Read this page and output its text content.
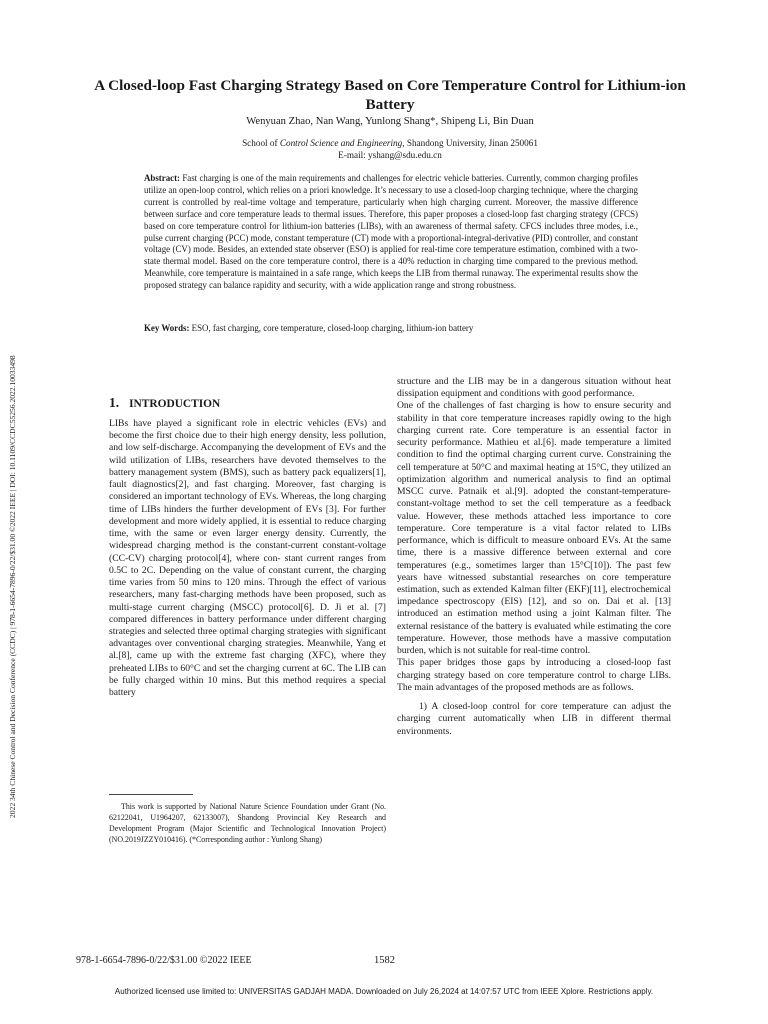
A Closed-loop Fast Charging Strategy Based on Core Temperature Control for Lithium-ion Battery
Wenyuan Zhao, Nan Wang, Yunlong Shang*, Shipeng Li, Bin Duan
School of Control Science and Engineering, Shandong University, Jinan 250061
E-mail: yshang@sdu.edu.cn
Abstract: Fast charging is one of the main requirements and challenges for electric vehicle batteries. Currently, common charging profiles utilize an open-loop control, which relies on a priori knowledge. It’s necessary to use a closed-loop charging technique, where the charging current is controlled by real-time voltage and temperature, particularly when high charging current. Moreover, the massive difference between surface and core temperature leads to thermal issues. Therefore, this paper proposes a closed-loop fast charging strategy (CFCS) based on core temperature control for lithium-ion batteries (LIBs), with an awareness of thermal safety. CFCS includes three modes, i.e., pulse current charging (PCC) mode, constant temperature (CT) mode with a proportional-integral-derivative (PID) controller, and constant voltage (CV) mode. Besides, an extended state observer (ESO) is applied for real-time core temperature estimation, combined with a two-state thermal model. Based on the core temperature control, there is a 40% reduction in charging time compared to the previous method. Meanwhile, core temperature is maintained in a safe range, which keeps the LIB from thermal runaway. The experimental results show the proposed strategy can balance rapidity and security, with a wide application range and strong robustness.
Key Words: ESO, fast charging, core temperature, closed-loop charging, lithium-ion battery
2022 34th Chinese Control and Decision Conference (CCDC) | 978-1-6654-7896-0/22/$31.00 ©2022 IEEE | DOI: 10.1109/CCDC55256.2022.10033498	1. INTRODUCTION

LIBs have played a significant role in electric vehicles (EVs) and become the first choice due to their high energy density, less pollution, and low self-discharge. Accompanying the development of EVs and the wild utilization of LIBs, researchers have devoted themselves to the battery management system (BMS), such as battery pack equalizers[1], fault diagnostics[2], and fast charging. Moreover, fast charging is considered an important technology of EVs. Whereas, the long charging time of LIBs hinders the further development of EVs [3]. For further development and more widely applied, it is essential to reduce charging time, with the same or even larger energy density. Currently, the widespread charging method is the constant-current constant-voltage (CC-CV) charging protocol[4], where con- stant current ranges from 0.5C to 2C. Depending on the value of constant current, the charging time varies from 50 mins to 120 mins. Through the effect of various researchers, many fast-charging methods have been proposed, such as multi-stage current charging (MSCC) protocol[6]. D. Ji et al. [7] compared differences in battery performance under different charging strategies and selected three optimal charging strategies with significant advantages over conventional charging strategies. Meanwhile, Yang et al.[8], came up with the extreme fast charging (XFC), where they preheated LIBs to 60°C and set the charging current at 6C. The LIB can be fully charged within 10 mins. But this method requires a special battery

structure and the LIB may be in a dangerous situation without heat dissipation equipment and conditions with good performance.

One of the challenges of fast charging is how to ensure security and stability in that core temperature increases rapidly owing to the high charging current rate. Core temperature is an essential factor in security performance. Mathieu et al.[6]. made temperature a limited condition to find the optimal charging current curve. Constraining the cell temperature at 50°C and maximal heating at 15°C, they utilized an optimization algorithm and numerical analysis to find an optimal MSCC curve. Patnaik et al.[9]. adopted the constant-temperature-constant-voltage method to set the cell temperature as a feedback value. However, these methods attached less importance to core temperature. Core temperature is a vital factor related to LIBs performance, which is difficult to measure onboard EVs. At the same time, there is a massive difference between external and core temperatures (e.g., sometimes larger than 15°C[10]). The past few years have witnessed substantial researches on core temperature estimation, such as extended Kalman filter (EKF)[11], electrochemical impedance spectroscopy (EIS) [12], and so on. Dai et al. [13] introduced an estimation method using a joint Kalman filter. The external resistance of the battery is evaluated while estimating the core temperature. However, those methods have a massive computation burden, which is not suitable for real-time control.

This paper bridges those gaps by introducing a closed-loop fast charging strategy based on core temperature control to charge LIBs. The main advantages of the proposed methods are as follows.

1) A closed-loop control for core temperature can adjust the charging current automatically when LIB in different thermal environments.

This work is supported by National Nature Science Foundation under Grant (No. 62122041, U1964207, 62133007), Shandong Provincial Key Research and Development Program (Major Scientific and Technological Innovation Project) (NO.2019JZZY010416). (*Corresponding author : Yunlong Shang)
978-1-6654-7896-0/22/$31.00 ©2022 IEEE	1582
Authorized licensed use limited to: UNIVERSITAS GADJAH MADA. Downloaded on July 26,2024 at 14:07:57 UTC from IEEE Xplore. Restrictions apply.
